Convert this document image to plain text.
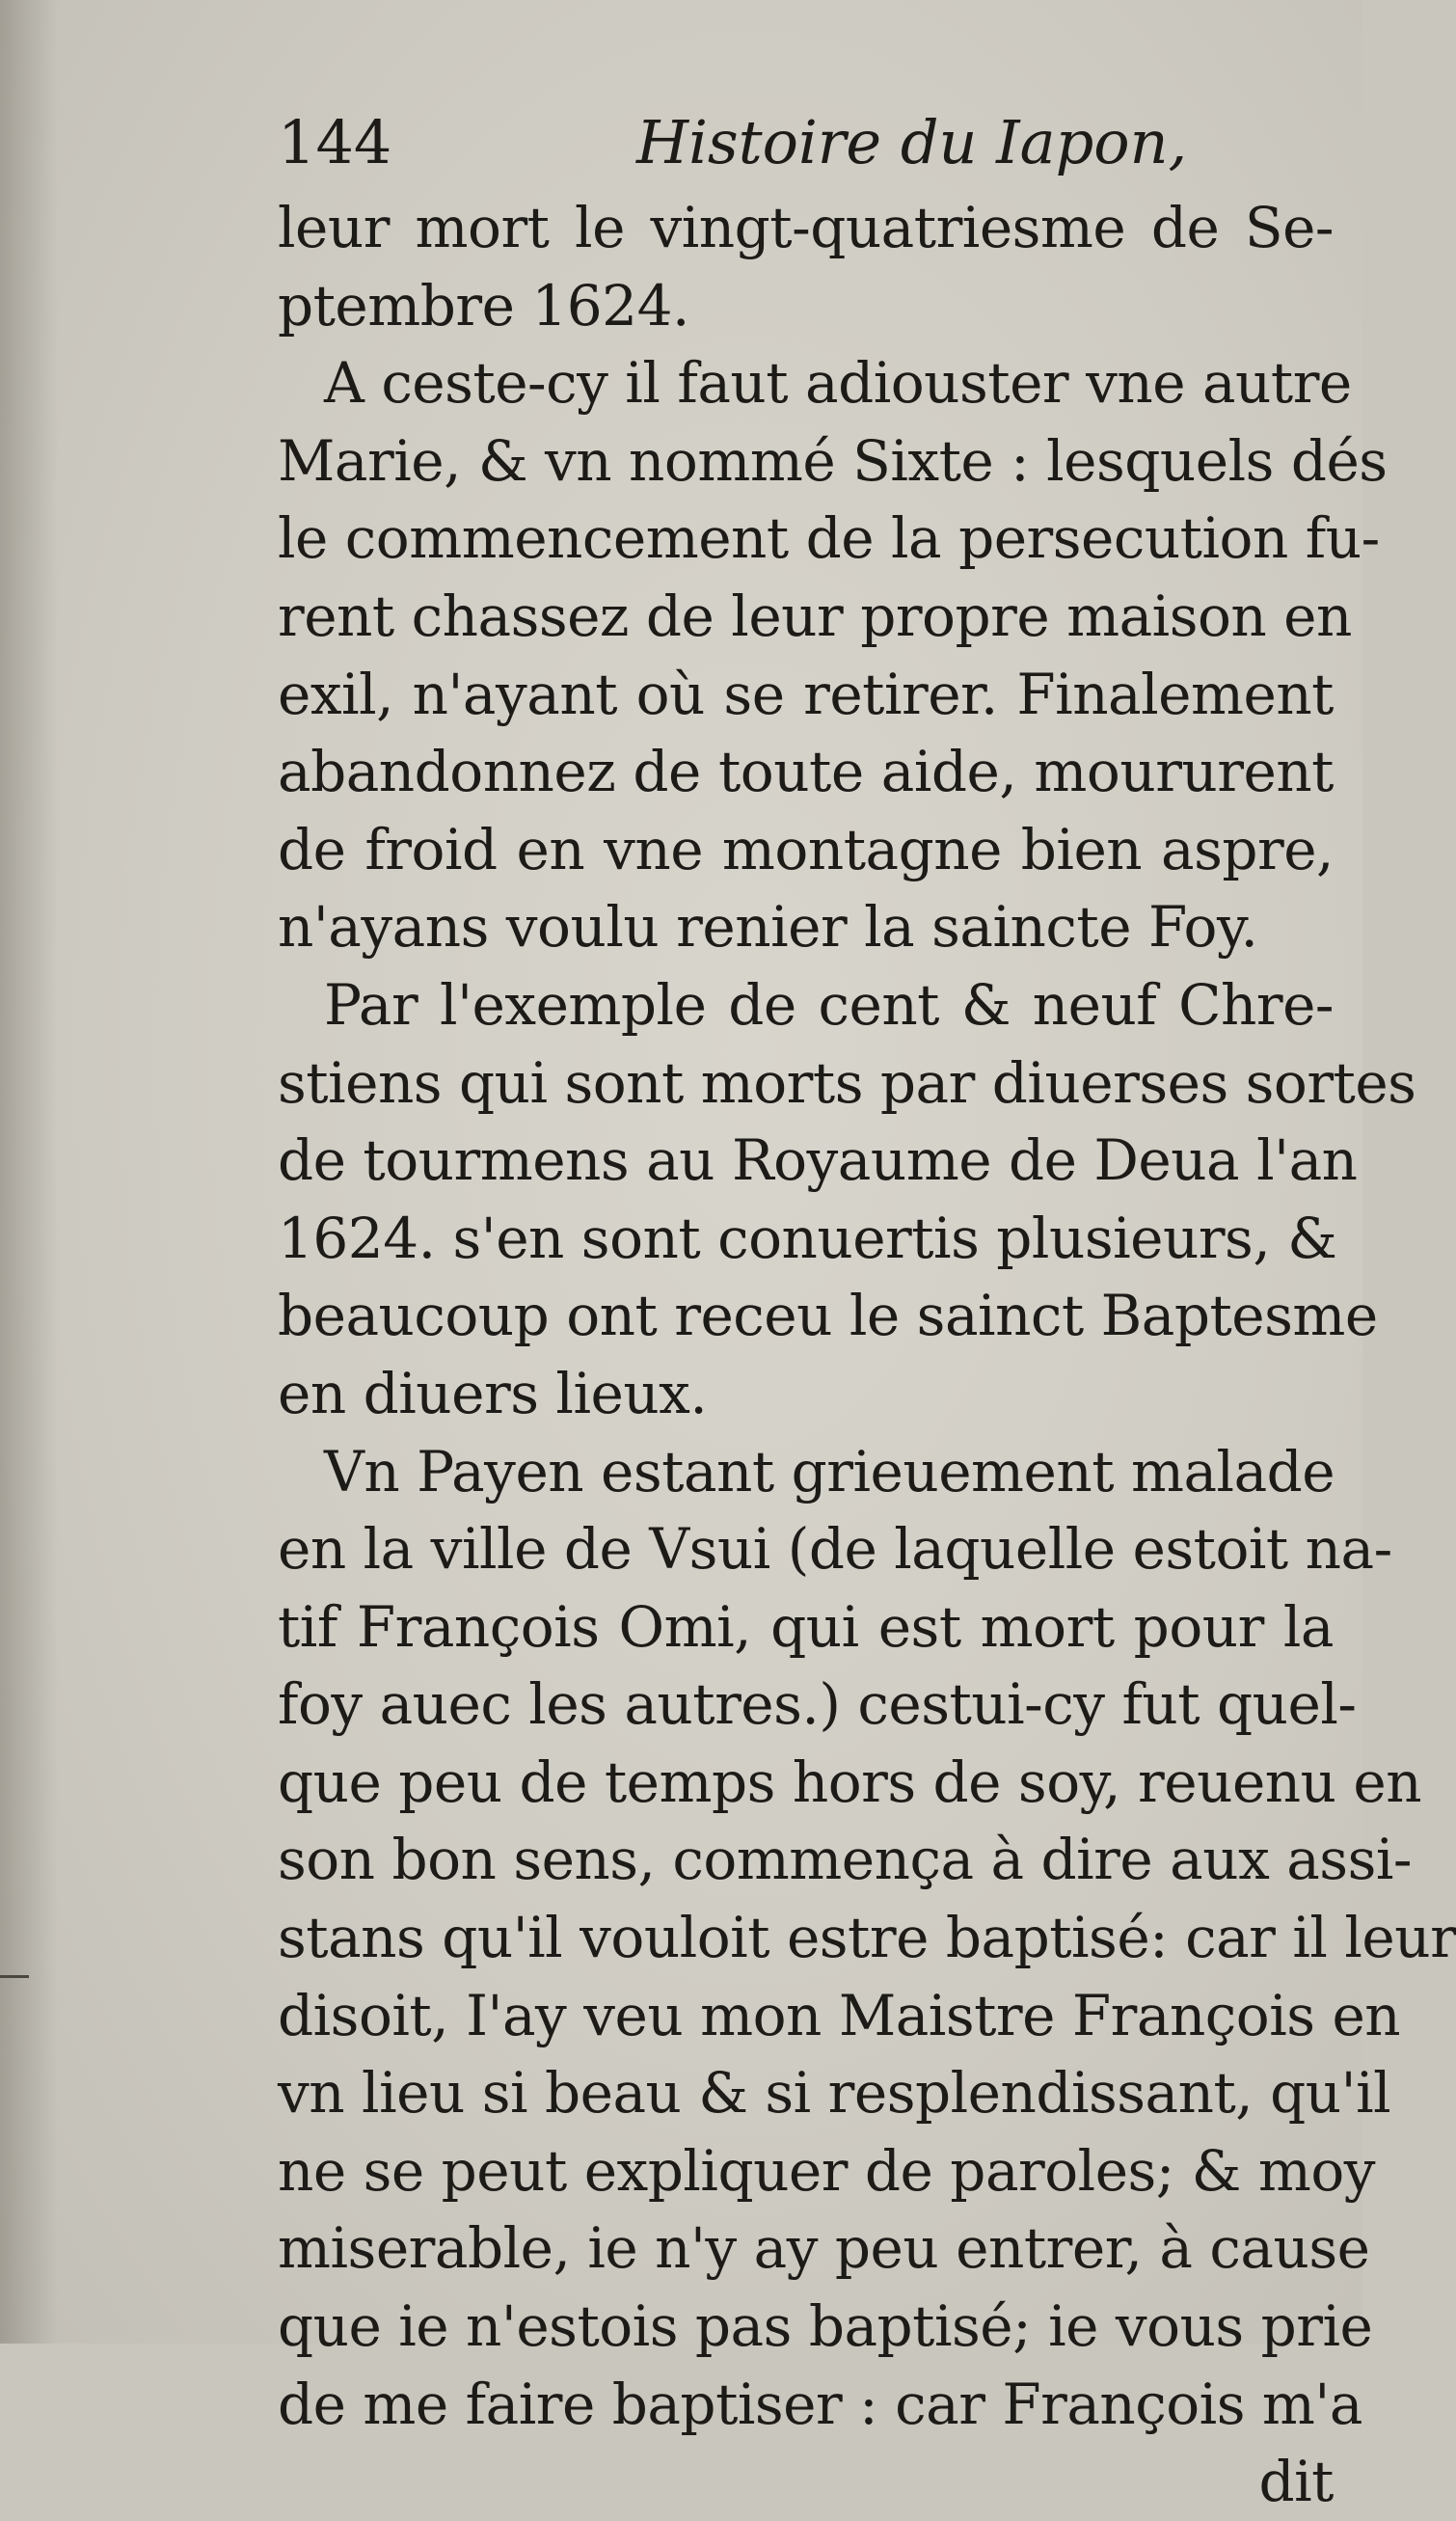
144	Histoire du Iapon,
leur mort le vingt-quatriesme de Se-
ptembre 1624.
A ceste-cy il faut adiouster vne autre
Marie, & vn nommé Sixte : lesquels dés
le commencement de la persecution fu-
rent chassez de leur propre maison en
exil, n'ayant où se retirer. Finalement
abandonnez de toute aide, moururent
de froid en vne montagne bien aspre,
n'ayans voulu renier la saincte Foy.
Par l'exemple de cent & neuf Chre-
stiens qui sont morts par diuerses sortes
de tourmens au Royaume de Deua l'an
1624. s'en sont conuertis plusieurs, &
beaucoup ont receu le sainct Baptesme
en diuers lieux.
Vn Payen estant grieuement malade
en la ville de Vsui (de laquelle estoit na-
tif François Omi, qui est mort pour la
foy auec les autres.) cestui-cy fut quel-
que peu de temps hors de soy, reuenu en
son bon sens, commença à dire aux assi-
stans qu'il vouloit estre baptisé: car il leur
disoit, I'ay veu mon Maistre François en
vn lieu si beau & si resplendissant, qu'il
ne se peut expliquer de paroles; & moy
miserable, ie n'y ay peu entrer, à cause
que ie n'estois pas baptisé; ie vous prie
de me faire baptiser : car François m'a
dit
